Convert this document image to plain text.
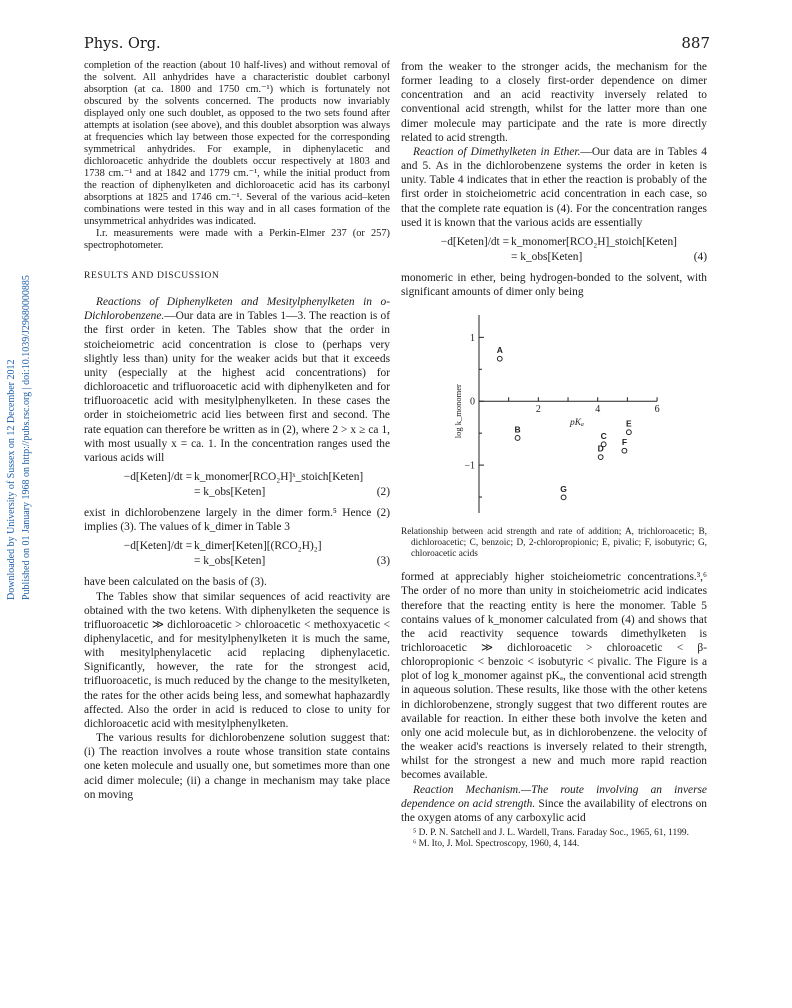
Phys. Org.	887
Downloaded by University of Sussex on 12 December 2012 Published on 01 January 1968 on http://pubs.rsc.org | doi:10.1039/J29680000885

completion of the reaction (about 10 half-lives) and without removal of the solvent. All anhydrides have a characteristic doublet carbonyl absorption (at ca. 1800 and 1750 cm.⁻¹) which is fortunately not obscured by the solvents concerned. The products now invariably displayed only one such doublet, as opposed to the two sets found after attempts at isolation (see above), and this doublet absorption was always at frequencies which lay between those expected for the corresponding symmetrical anhydrides. For example, in diphenylacetic and dichloroacetic anhydride the doublets occur respectively at 1803 and 1738 cm.⁻¹ and at 1842 and 1779 cm.⁻¹, while the initial product from the reaction of diphenylketen and dichloroacetic acid has its carbonyl absorptions at 1825 and 1746 cm.⁻¹. Several of the various acid–keten combinations were tested in this way and in all cases formation of the unsymmetrical anhydrides was indicated.

I.r. measurements were made with a Perkin-Elmer 237 (or 257) spectrophotometer.

RESULTS AND DISCUSSION

Reactions of Diphenylketen and Mesitylphenylketen in o-Dichlorobenzene.—Our data are in Tables 1—3. The reaction is of the first order in keten. The Tables show that the order in stoicheiometric acid concentration is close to (perhaps very slightly less than) unity for the weaker acids but that it exceeds unity (especially at the highest acid concentrations) for dichloroacetic and trifluoroacetic acid with diphenylketen and for trifluoroacetic acid with mesitylphenylketen. In these cases the order in stoicheiometric acid lies between first and second. The rate equation can therefore be written as in (2), where 2 > x ≥ ca 1, with most usually x = ca. 1. In the concentration ranges used the various acids will

−d[Keten]/dt = k_monomer[RCO₂H]ˣ_stoich[Keten]
= k_obs[Keten]	(2)

exist in dichlorobenzene largely in the dimer form.⁵ Hence (2) implies (3). The values of k_dimer in Table 3

−d[Keten]/dt = k_dimer[Keten][(RCO₂H)₂]
= k_obs[Keten]	(3)

have been calculated on the basis of (3).

The Tables show that similar sequences of acid reactivity are obtained with the two ketens. With diphenylketen the sequence is trifluoroacetic ≫ dichloroacetic > chloroacetic < methoxyacetic < diphenylacetic, and for mesitylphenylketen it is much the same, with mesitylphenylacetic acid replacing diphenylacetic. Significantly, however, the rate for the strongest acid, trifluoroacetic, is much reduced by the change to the mesitylketen, the rates for the other acids being less, and somewhat haphazardly affected. Also the order in acid is reduced to close to unity for dichloroacetic acid with mesitylphenylketen.

The various results for dichlorobenzene solution suggest that: (i) The reaction involves a route whose transition state contains one keten molecule and usually one, but sometimes more than one acid dimer molecule; (ii) a change in mechanism may take place on moving

from the weaker to the stronger acids, the mechanism for the former leading to a closely first-order dependence on dimer concentration and an acid reactivity inversely related to conventional acid strength, whilst for the latter more than one dimer molecule may participate and the rate is more directly related to acid strength.

Reaction of Dimethylketen in Ether.—Our data are in Tables 4 and 5. As in the dichlorobenzene systems the order in keten is unity. Table 4 indicates that in ether the reaction is probably of the first order in stoicheiometric acid concentration in each case, so that the complete rate equation is (4). For the concentration ranges used it is known that the various acids are essentially

−d[Keten]/dt = k_monomer[RCO₂H]_stoich[Keten]
= k_obs[Keten]	(4)

monomeric in ether, being hydrogen-bonded to the solvent, with significant amounts of dimer only being

2	4	6
1
0
−1
pKₐ
log k_monomer
A
B
C
D
E
F
G
Relationship between acid strength and rate of addition; A, trichloroacetic; B, dichloroacetic; C, benzoic; D, 2-chloropropionic; E, pivalic; F, isobutyric; G, chloroacetic acids

formed at appreciably higher stoicheiometric concentrations.³,⁶ The order of no more than unity in stoicheiometric acid indicates therefore that the reacting entity is here the monomer. Table 5 contains values of k_monomer calculated from (4) and shows that the acid reactivity sequence towards dimethylketen is trichloroacetic ≫ dichloroacetic > chloroacetic < β-chloropropionic < benzoic < isobutyric < pivalic. The Figure is a plot of log k_monomer against pKₐ, the conventional acid strength in aqueous solution. These results, like those with the other ketens in dichlorobenzene, strongly suggest that two different routes are available for reaction. In either these both involve the keten and only one acid molecule but, as in dichlorobenzene. the velocity of the weaker acid's reactions is inversely related to their strength, whilst for the strongest a new and much more rapid reaction becomes available.

Reaction Mechanism.—The route involving an inverse dependence on acid strength. Since the availability of electrons on the oxygen atoms of any carboxylic acid

⁵ D. P. N. Satchell and J. L. Wardell, Trans. Faraday Soc., 1965, 61, 1199.
⁶ M. Ito, J. Mol. Spectroscopy, 1960, 4, 144.
